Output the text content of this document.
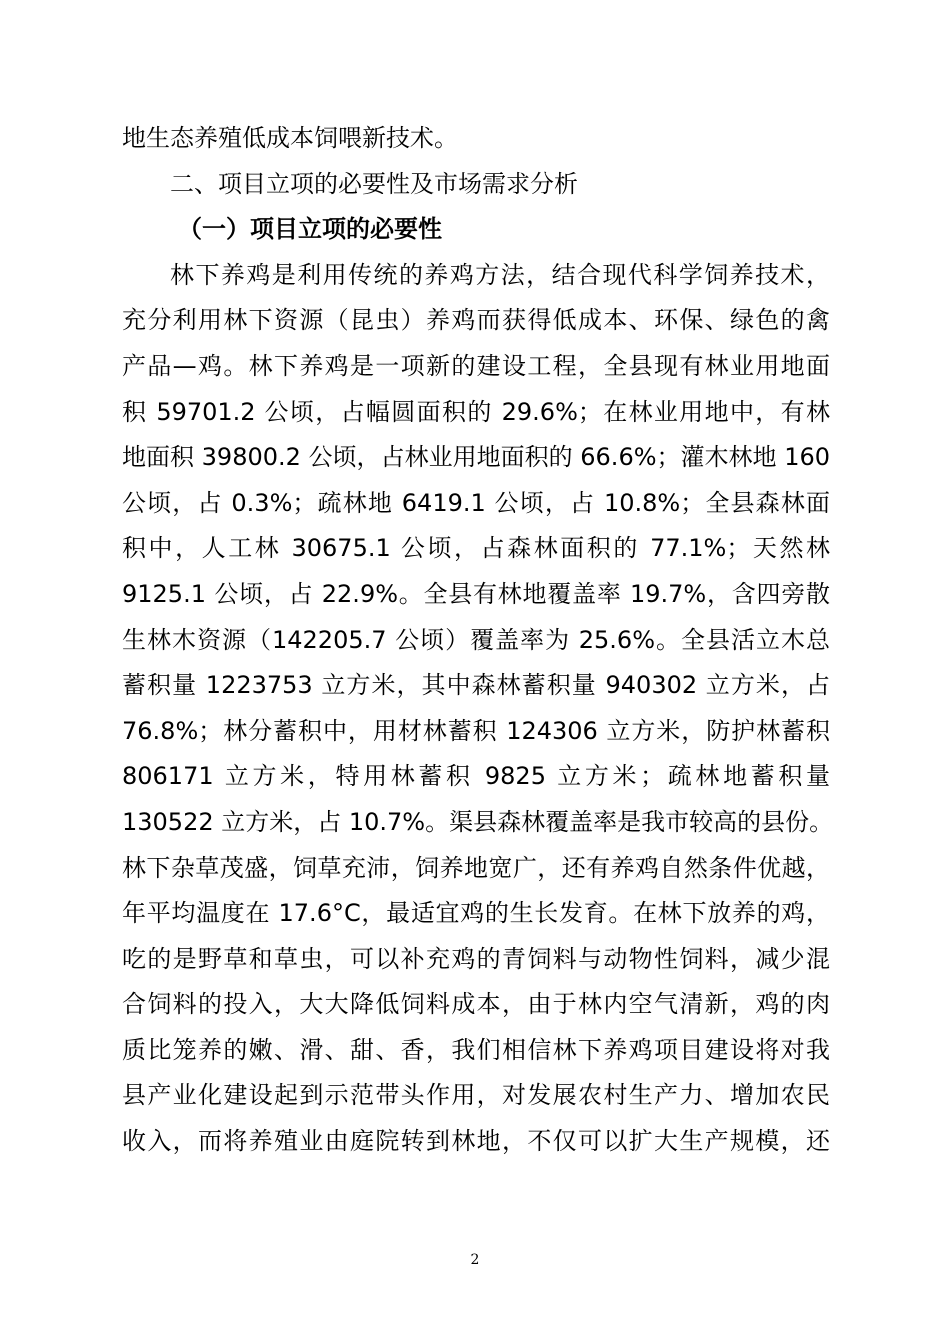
地生态养殖低成本饲喂新技术。
二、项目立项的必要性及市场需求分析
（一）项目立项的必要性
林下养鸡是利用传统的养鸡方法，结合现代科学饲养技术，
充分利用林下资源（昆虫）养鸡而获得低成本、环保、绿色的禽
产品—鸡。林下养鸡是一项新的建设工程，全县现有林业用地面
积 59701.2 公顷，占幅圆面积的 29.6%；在林业用地中，有林
地面积 39800.2 公顷，占林业用地面积的 66.6%；灌木林地 160
公顷，占 0.3%；疏林地 6419.1 公顷，占 10.8%；全县森林面
积中，人工林 30675.1 公顷，占森林面积的 77.1%；天然林
9125.1 公顷，占 22.9%。全县有林地覆盖率 19.7%，含四旁散
生林木资源（142205.7 公顷）覆盖率为 25.6%。全县活立木总
蓄积量 1223753 立方米，其中森林蓄积量 940302 立方米，占
76.8%；林分蓄积中，用材林蓄积 124306 立方米，防护林蓄积
806171 立方米，特用林蓄积 9825 立方米；疏林地蓄积量
130522 立方米，占 10.7%。渠县森林覆盖率是我市较高的县份。
林下杂草茂盛，饲草充沛，饲养地宽广，还有养鸡自然条件优越，
年平均温度在 17.6°C，最适宜鸡的生长发育。在林下放养的鸡，
吃的是野草和草虫，可以补充鸡的青饲料与动物性饲料，减少混
合饲料的投入，大大降低饲料成本，由于林内空气清新，鸡的肉
质比笼养的嫩、滑、甜、香，我们相信林下养鸡项目建设将对我
县产业化建设起到示范带头作用，对发展农村生产力、增加农民
收入，而将养殖业由庭院转到林地，不仅可以扩大生产规模，还
2
